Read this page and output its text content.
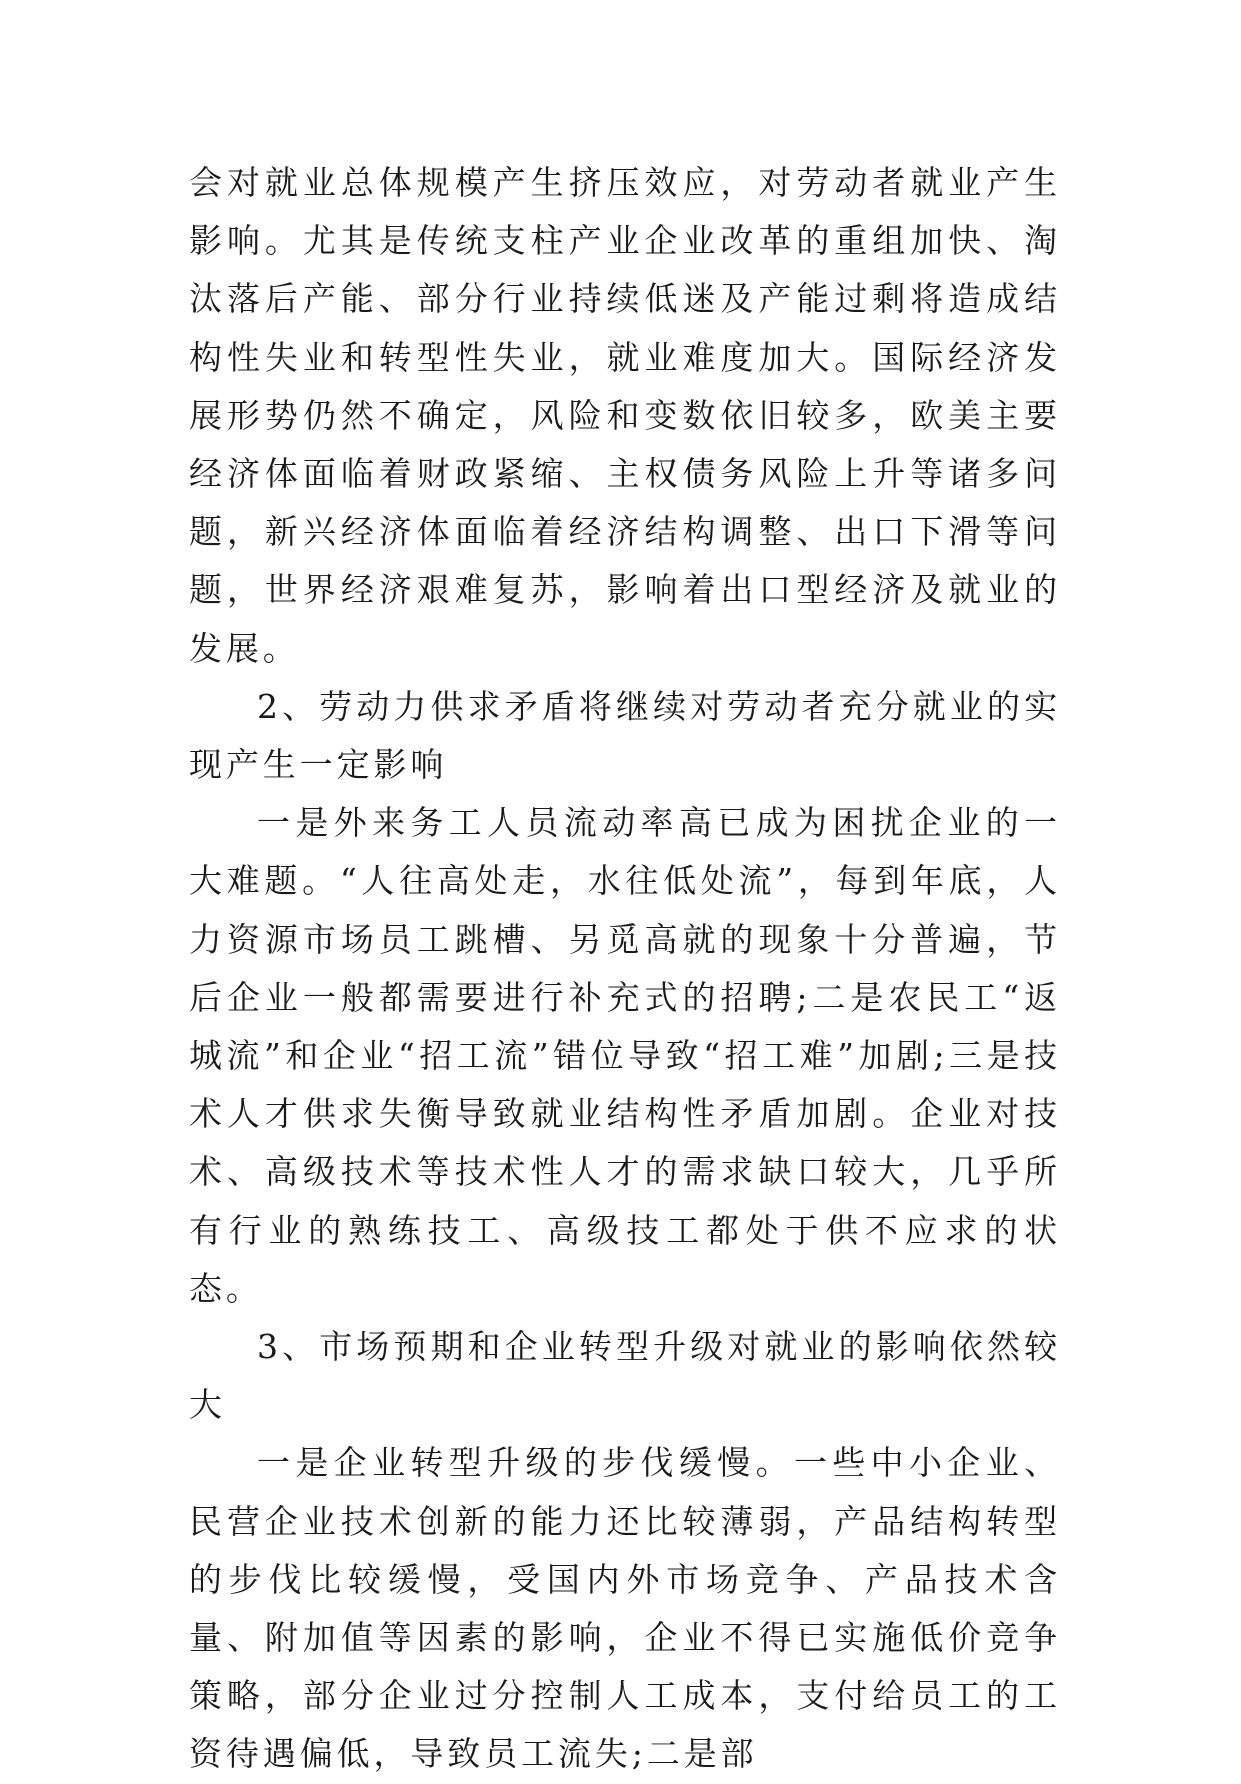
会对就业总体规模产生挤压效应，对劳动者就业产生影响。尤其是传统支柱产业企业改革的重组加快、淘汰落后产能、部分行业持续低迷及产能过剩将造成结构性失业和转型性失业，就业难度加大。国际经济发展形势仍然不确定，风险和变数依旧较多，欧美主要经济体面临着财政紧缩、主权债务风险上升等诸多问题，新兴经济体面临着经济结构调整、出口下滑等问题，世界经济艰难复苏，影响着出口型经济及就业的发展。

2、劳动力供求矛盾将继续对劳动者充分就业的实现产生一定影响

一是外来务工人员流动率高已成为困扰企业的一大难题。“人往高处走，水往低处流”，每到年底，人力资源市场员工跳槽、另觅高就的现象十分普遍，节后企业一般都需要进行补充式的招聘;二是农民工“返城流”和企业“招工流”错位导致“招工难”加剧;三是技术人才供求失衡导致就业结构性矛盾加剧。企业对技术、高级技术等技术性人才的需求缺口较大，几乎所有行业的熟练技工、高级技工都处于供不应求的状态。

3、市场预期和企业转型升级对就业的影响依然较大

一是企业转型升级的步伐缓慢。一些中小企业、民营企业技术创新的能力还比较薄弱，产品结构转型的步伐比较缓慢，受国内外市场竞争、产品技术含量、附加值等因素的影响，企业不得已实施低价竞争策略，部分企业过分控制人工成本，支付给员工的工资待遇偏低，导致员工流失;二是部
